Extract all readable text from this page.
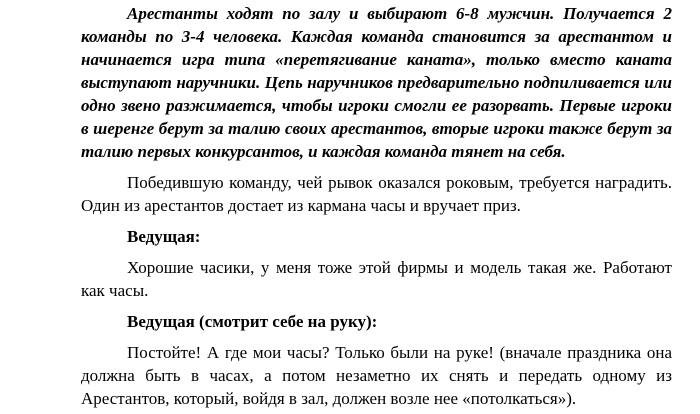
Арестанты ходят по залу и выбирают 6-8 мужчин. Получается 2 команды по 3-4 человека. Каждая команда становится за арестантом и начинается игра типа «перетягивание каната», только вместо каната выступают наручники. Цепь наручников предварительно подпиливается или одно звено разжимается, чтобы игроки смогли ее разорвать. Первые игроки в шеренге берут за талию своих арестантов, вторые игроки также берут за талию первых конкурсантов, и каждая команда тянет на себя.

Победившую команду, чей рывок оказался роковым, требуется наградить. Один из арестантов достает из кармана часы и вручает приз.

Ведущая:

Хорошие часики, у меня тоже этой фирмы и модель такая же. Работают как часы.

Ведущая (смотрит себе на руку):

Постойте! А где мои часы? Только были на руке! (вначале праздника она должна быть в часах, а потом незаметно их снять и передать одному из Арестантов, который, войдя в зал, должен возле нее «потолкаться»).
